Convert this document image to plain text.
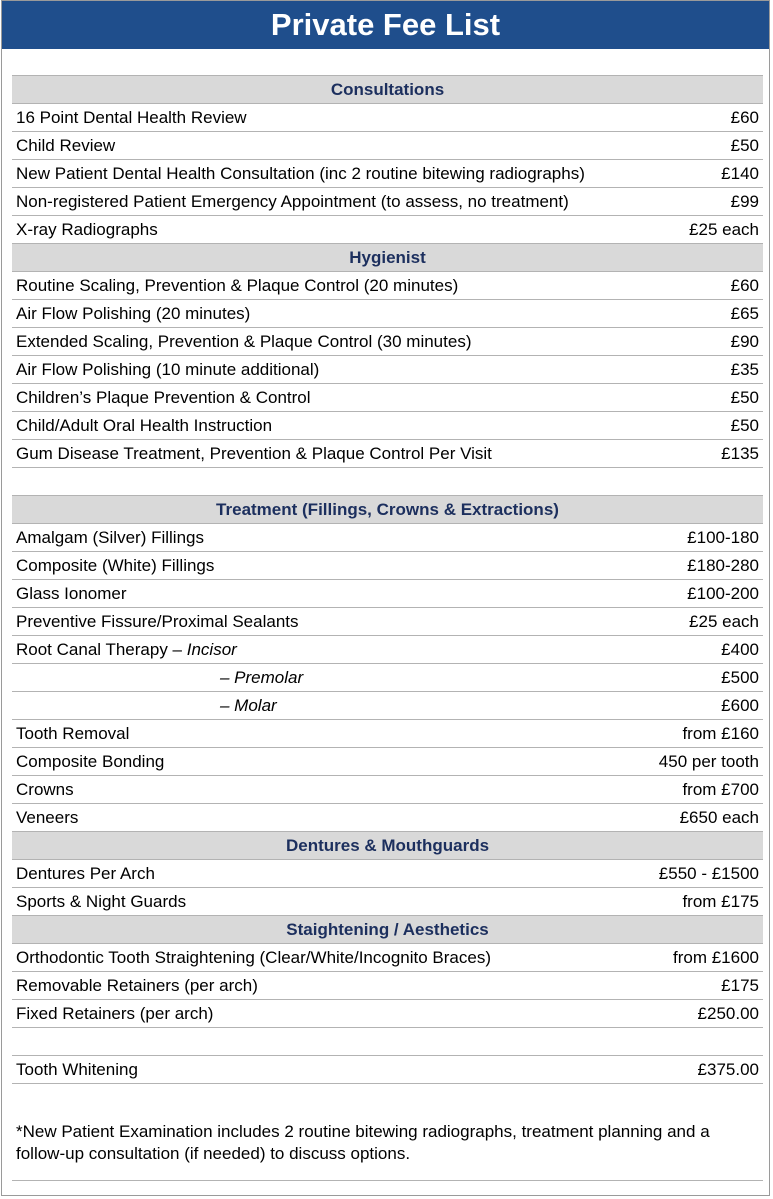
Private Fee List
Consultations
16 Point Dental Health Review	£60
Child Review	£50
New Patient Dental Health Consultation (inc 2 routine bitewing radiographs)	£140
Non-registered Patient Emergency Appointment (to assess, no treatment)	£99
X-ray Radiographs	£25 each
Hygienist
Routine Scaling, Prevention & Plaque Control (20 minutes)	£60
Air Flow Polishing (20 minutes)	£65
Extended Scaling, Prevention & Plaque Control (30 minutes)	£90
Air Flow Polishing (10 minute additional)	£35
Children’s Plaque Prevention & Control	£50
Child/Adult Oral Health Instruction	£50
Gum Disease Treatment, Prevention & Plaque Control Per Visit	£135
Treatment (Fillings, Crowns & Extractions)
Amalgam (Silver) Fillings	£100-180
Composite (White) Fillings	£180-280
Glass Ionomer	£100-200
Preventive Fissure/Proximal Sealants	£25 each
Root Canal Therapy – Incisor	£400
– Premolar	£500
– Molar	£600
Tooth Removal	from £160
Composite Bonding	450 per tooth
Crowns	from £700
Veneers	£650 each
Dentures & Mouthguards
Dentures Per Arch	£550 - £1500
Sports & Night Guards	from £175
Staightening / Aesthetics
Orthodontic Tooth Straightening (Clear/White/Incognito Braces)	from £1600
Removable Retainers (per arch)	£175
Fixed Retainers (per arch)	£250.00
Tooth Whitening	£375.00
*New Patient Examination includes 2 routine bitewing radiographs, treatment planning and a follow-up consultation (if needed) to discuss options.
